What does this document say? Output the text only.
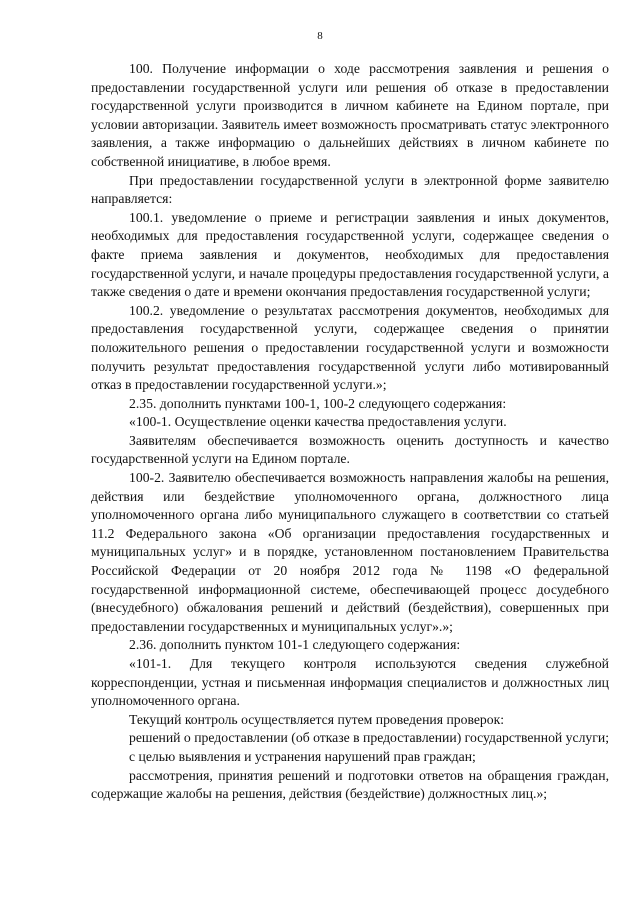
8

100. Получение информации о ходе рассмотрения заявления и решения о предоставлении государственной услуги или решения об отказе в предоставлении государственной услуги производится в личном кабинете на Едином портале, при условии авторизации. Заявитель имеет возможность просматривать статус электронного заявления, а также информацию о дальнейших действиях в личном кабинете по собственной инициативе, в любое время.

При предоставлении государственной услуги в электронной форме заявителю направляется:

100.1. уведомление о приеме и регистрации заявления и иных документов, необходимых для предоставления государственной услуги, содержащее сведения о факте приема заявления и документов, необходимых для предоставления государственной услуги, и начале процедуры предоставления государственной услуги, а также сведения о дате и времени окончания предоставления государственной услуги;

100.2. уведомление о результатах рассмотрения документов, необходимых для предоставления государственной услуги, содержащее сведения о принятии положительного решения о предоставлении государственной услуги и возможности получить результат предоставления государственной услуги либо мотивированный отказ в предоставлении государственной услуги.»;

2.35. дополнить пунктами 100-1, 100-2 следующего содержания:

«100-1. Осуществление оценки качества предоставления услуги.

Заявителям обеспечивается возможность оценить доступность и качество государственной услуги на Едином портале.

100-2. Заявителю обеспечивается возможность направления жалобы на решения, действия или бездействие уполномоченного органа, должностного лица уполномоченного органа либо муниципального служащего в соответствии со статьей 11.2 Федерального закона «Об организации предоставления государственных и муниципальных услуг» и в порядке, установленном постановлением Правительства Российской Федерации от 20 ноября 2012 года № 1198 «О федеральной государственной информационной системе, обеспечивающей процесс досудебного (внесудебного) обжалования решений и действий (бездействия), совершенных при предоставлении государственных и муниципальных услуг».»;

2.36. дополнить пунктом 101-1 следующего содержания:

«101-1. Для текущего контроля используются сведения служебной корреспонденции, устная и письменная информация специалистов и должностных лиц уполномоченного органа.

Текущий контроль осуществляется путем проведения проверок:

решений о предоставлении (об отказе в предоставлении) государственной услуги;

с целью выявления и устранения нарушений прав граждан;

рассмотрения, принятия решений и подготовки ответов на обращения граждан, содержащие жалобы на решения, действия (бездействие) должностных лиц.»;
